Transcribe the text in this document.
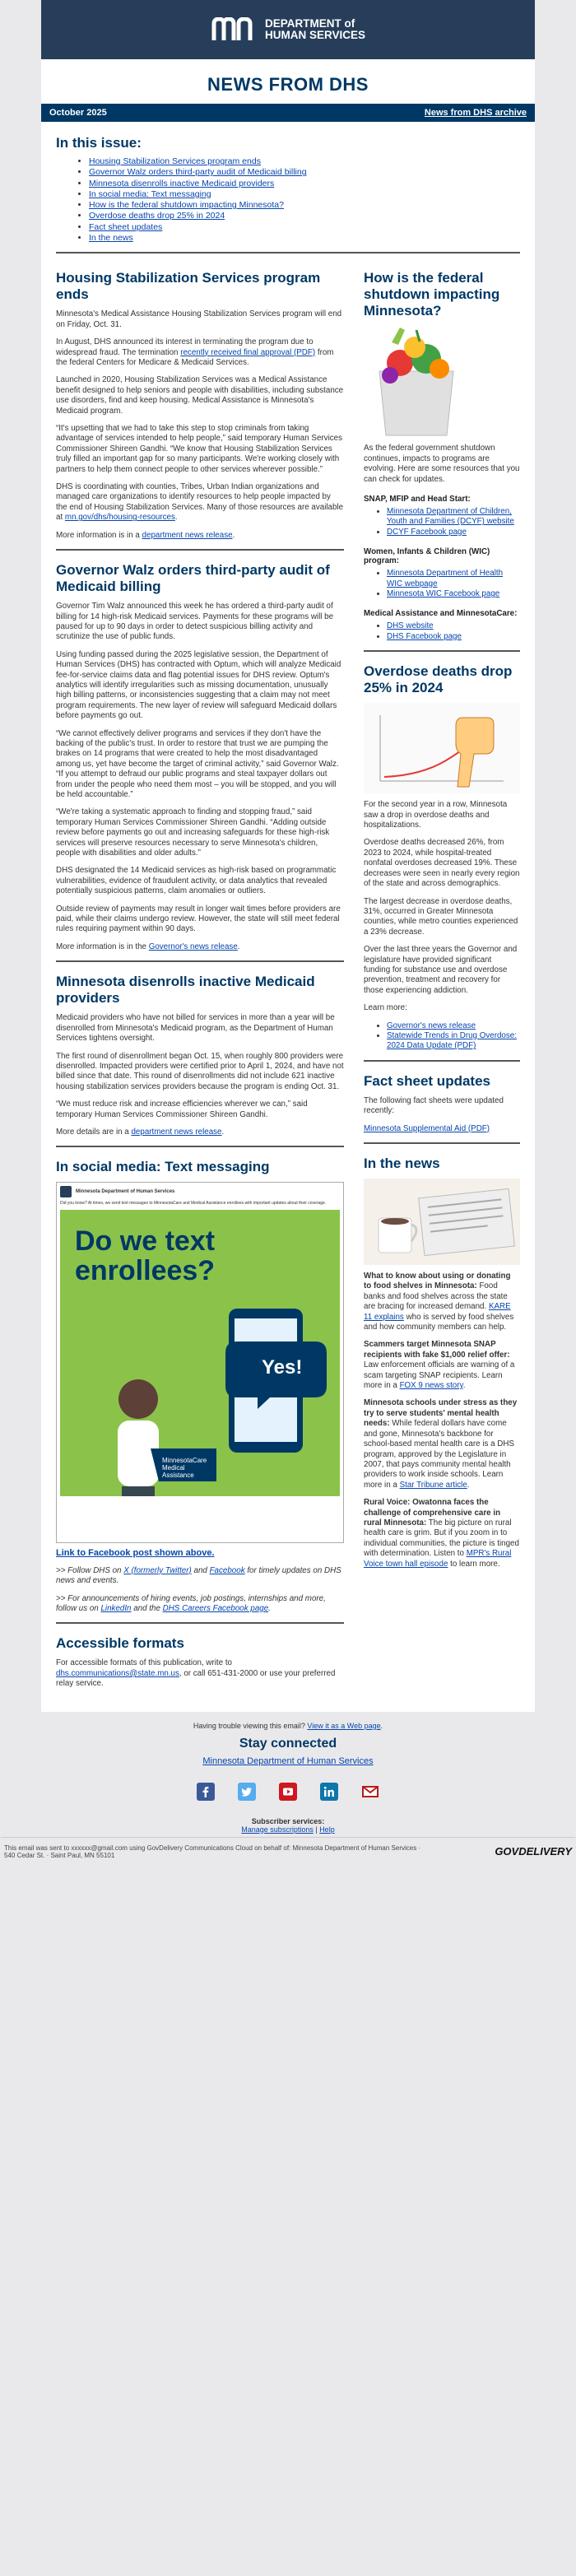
DEPARTMENT of
HUMAN SERVICES
NEWS FROM DHS
October 2025	News from DHS archive
In this issue:
• Housing Stabilization Services program ends
• Governor Walz orders third-party audit of Medicaid billing
• Minnesota disenrolls inactive Medicaid providers
• In social media: Text messaging
• How is the federal shutdown impacting Minnesota?
• Overdose deaths drop 25% in 2024
• Fact sheet updates
• In the news
Housing Stabilization Services program ends

Minnesota's Medical Assistance Housing Stabilization Services program will end on Friday, Oct. 31.

In August, DHS announced its interest in terminating the program due to widespread fraud. The termination recently received final approval (PDF) from the federal Centers for Medicare & Medicaid Services.

Launched in 2020, Housing Stabilization Services was a Medical Assistance benefit designed to help seniors and people with disabilities, including substance use disorders, find and keep housing. Medical Assistance is Minnesota's Medicaid program.

“It's upsetting that we had to take this step to stop criminals from taking advantage of services intended to help people,” said temporary Human Services Commissioner Shireen Gandhi. “We know that Housing Stabilization Services truly filled an important gap for so many participants. We're working closely with partners to help them connect people to other services wherever possible.”

DHS is coordinating with counties, Tribes, Urban Indian organizations and managed care organizations to identify resources to help people impacted by the end of Housing Stabilization Services. Many of those resources are available at mn.gov/dhs/housing-resources.

More information is in a department news release.

Governor Walz orders third-party audit of Medicaid billing

Governor Tim Walz announced this week he has ordered a third-party audit of billing for 14 high-risk Medicaid services. Payments for these programs will be paused for up to 90 days in order to detect suspicious billing activity and scrutinize the use of public funds.

Using funding passed during the 2025 legislative session, the Department of Human Services (DHS) has contracted with Optum, which will analyze Medicaid fee-for-service claims data and flag potential issues for DHS review. Optum's analytics will identify irregularities such as missing documentation, unusually high billing patterns, or inconsistencies suggesting that a claim may not meet program requirements. The new layer of review will safeguard Medicaid dollars before payments go out.

“We cannot effectively deliver programs and services if they don't have the backing of the public's trust. In order to restore that trust we are pumping the brakes on 14 programs that were created to help the most disadvantaged among us, yet have become the target of criminal activity,” said Governor Walz. “If you attempt to defraud our public programs and steal taxpayer dollars out from under the people who need them most – you will be stopped, and you will be held accountable.”

“We're taking a systematic approach to finding and stopping fraud,” said temporary Human Services Commissioner Shireen Gandhi. “Adding outside review before payments go out and increasing safeguards for these high-risk services will preserve resources necessary to serve Minnesota's children, people with disabilities and older adults.”

DHS designated the 14 Medicaid services as high-risk based on programmatic vulnerabilities, evidence of fraudulent activity, or data analytics that revealed potentially suspicious patterns, claim anomalies or outliers.

Outside review of payments may result in longer wait times before providers are paid, while their claims undergo review. However, the state will still meet federal rules requiring payment within 90 days.

More information is in the Governor's news release.

Minnesota disenrolls inactive Medicaid providers

Medicaid providers who have not billed for services in more than a year will be disenrolled from Minnesota's Medicaid program, as the Department of Human Services tightens oversight.

The first round of disenrollment began Oct. 15, when roughly 800 providers were disenrolled. Impacted providers were certified prior to April 1, 2024, and have not billed since that date. This round of disenrollments did not include 621 inactive housing stabilization services providers because the program is ending Oct. 31.

“We must reduce risk and increase efficiencies wherever we can,” said temporary Human Services Commissioner Shireen Gandhi.

More details are in a department news release.

In social media: Text messaging
Minnesota Department of Human Services
Did you know? At times, we send text messages to MinnesotaCare and Medical Assistance enrollees with important updates about their coverage.
Do we text enrollees?
Yes!
MinnesotaCare Medical Assistance

Link to Facebook post shown above.

>> Follow DHS on X (formerly Twitter) and Facebook for timely updates on DHS news and events.

>> For announcements of hiring events, job postings, internships and more, follow us on LinkedIn and the DHS Careers Facebook page.

Accessible formats

For accessible formats of this publication, write to dhs.communications@state.mn.us, or call 651-431-2000 or use your preferred relay service.

How is the federal shutdown impacting Minnesota?

As the federal government shutdown continues, impacts to programs are evolving. Here are some resources that you can check for updates.

SNAP, MFIP and Head Start:
• Minnesota Department of Children, Youth and Families (DCYF) website
• DCYF Facebook page
Women, Infants & Children (WIC) program:
• Minnesota Department of Health WIC webpage
• Minnesota WIC Facebook page
Medical Assistance and MinnesotaCare:
• DHS website
• DHS Facebook page
Overdose deaths drop 25% in 2024

For the second year in a row, Minnesota saw a drop in overdose deaths and hospitalizations.

Overdose deaths decreased 26%, from 2023 to 2024, while hospital-treated nonfatal overdoses decreased 19%. These decreases were seen in nearly every region of the state and across demographics.

The largest decrease in overdose deaths, 31%, occurred in Greater Minnesota counties, while metro counties experienced a 23% decrease.

Over the last three years the Governor and legislature have provided significant funding for substance use and overdose prevention, treatment and recovery for those experiencing addiction.

Learn more:

• Governor's news release
• Statewide Trends in Drug Overdose: 2024 Data Update (PDF)
Fact sheet updates

The following fact sheets were updated recently:

Minnesota Supplemental Aid (PDF)

In the news

What to know about using or donating to food shelves in Minnesota: Food banks and food shelves across the state are bracing for increased demand. KARE 11 explains who is served by food shelves and how community members can help.

Scammers target Minnesota SNAP recipients with fake $1,000 relief offer: Law enforcement officials are warning of a scam targeting SNAP recipients. Learn more in a FOX 9 news story.

Minnesota schools under stress as they try to serve students' mental health needs: While federal dollars have come and gone, Minnesota's backbone for school-based mental health care is a DHS program, approved by the Legislature in 2007, that pays community mental health providers to work inside schools. Learn more in a Star Tribune article.

Rural Voice: Owatonna faces the challenge of comprehensive care in rural Minnesota: The big picture on rural health care is grim. But if you zoom in to individual communities, the picture is tinged with determination. Listen to MPR's Rural Voice town hall episode to learn more.

Having trouble viewing this email? View it as a Web page.
Stay connected
Minnesota Department of Human Services
Subscriber services:
Manage subscriptions | Help
This email was sent to xxxxxx@gmail.com using GovDelivery Communications Cloud on behalf of: Minnesota Department of Human Services · 540 Cedar St. · Saint Paul, MN 55101	GOVDELIVERY
